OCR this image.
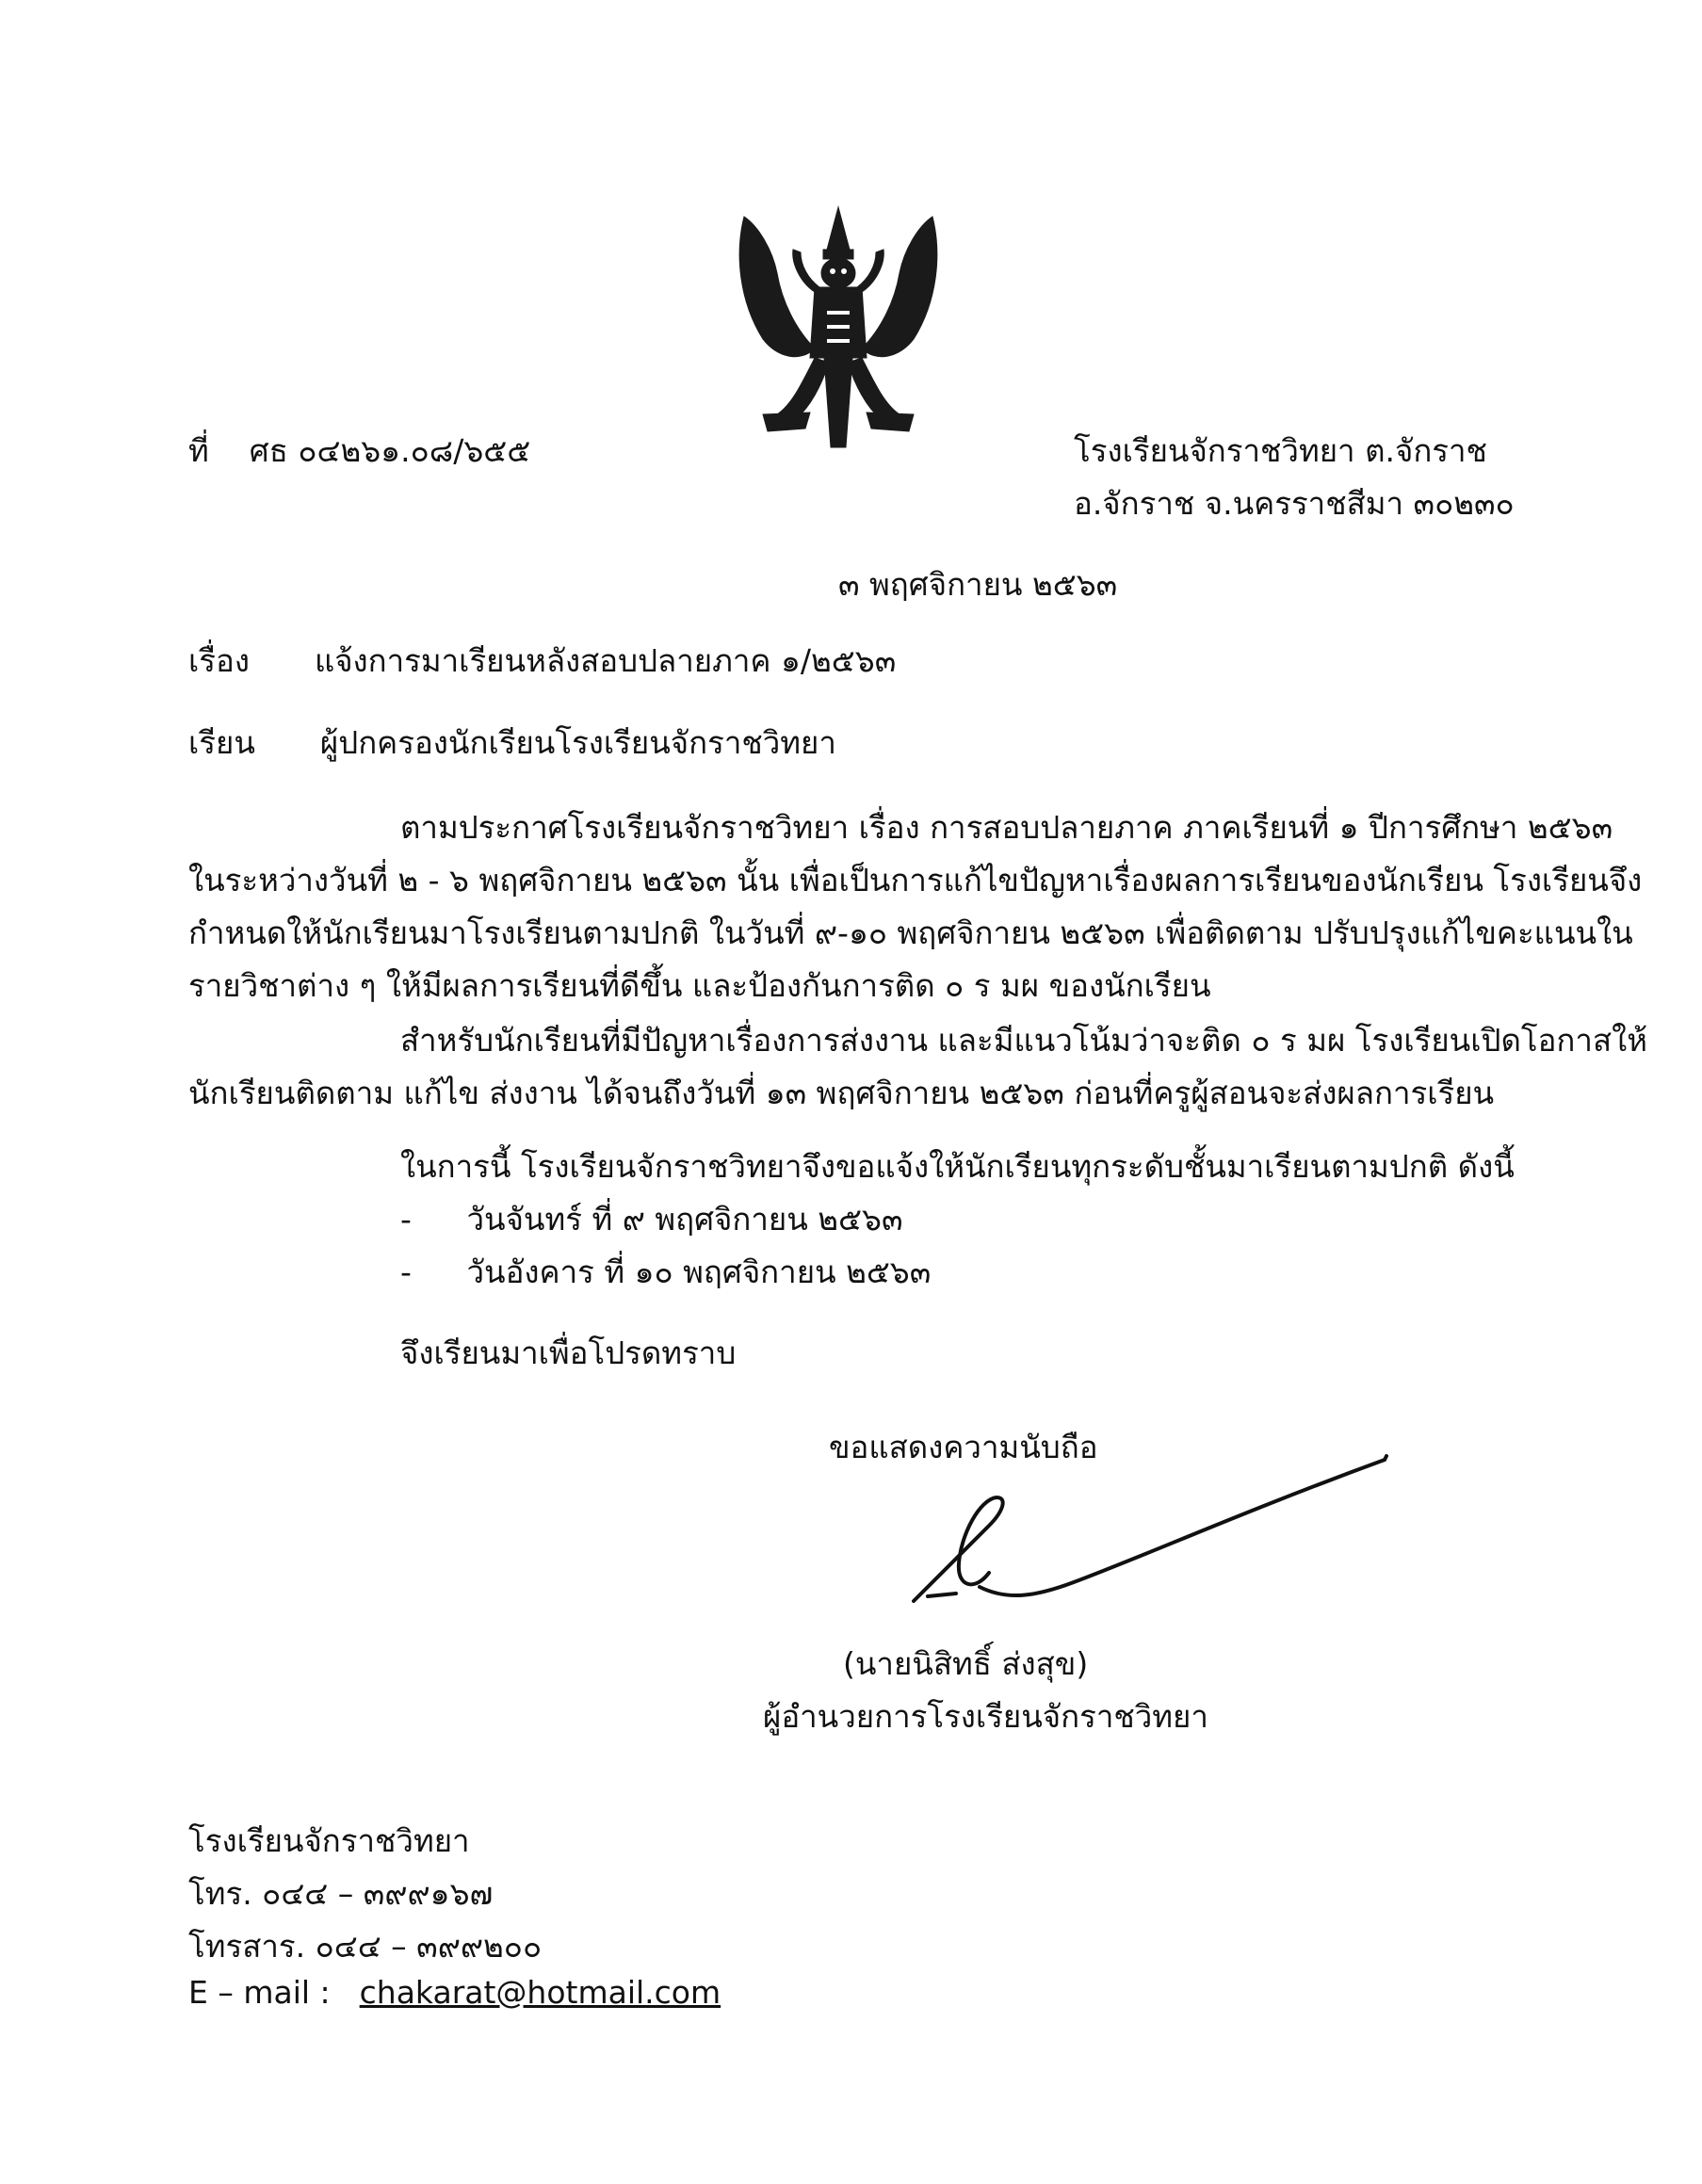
ที่ ศธ ๐๔๒๖๑.๐๘/๖๕๕	โรงเรียนจักราชวิทยา ต.จักราช
อ.จักราช จ.นครราชสีมา ๓๐๒๓๐
๓ พฤศจิกายน ๒๕๖๓
เรื่อง แจ้งการมาเรียนหลังสอบปลายภาค ๑/๒๕๖๓
เรียน ผู้ปกครองนักเรียนโรงเรียนจักราชวิทยา
ตามประกาศโรงเรียนจักราชวิทยา เรื่อง การสอบปลายภาค ภาคเรียนที่ ๑ ปีการศึกษา ๒๕๖๓
ในระหว่างวันที่ ๒ - ๖ พฤศจิกายน ๒๕๖๓ นั้น เพื่อเป็นการแก้ไขปัญหาเรื่องผลการเรียนของนักเรียน โรงเรียนจึง
กำหนดให้นักเรียนมาโรงเรียนตามปกติ ในวันที่ ๙-๑๐ พฤศจิกายน ๒๕๖๓ เพื่อติดตาม ปรับปรุงแก้ไขคะแนนใน
รายวิชาต่าง ๆ ให้มีผลการเรียนที่ดีขึ้น และป้องกันการติด ๐ ร มผ ของนักเรียน
สำหรับนักเรียนที่มีปัญหาเรื่องการส่งงาน และมีแนวโน้มว่าจะติด ๐ ร มผ โรงเรียนเปิดโอกาสให้
นักเรียนติดตาม แก้ไข ส่งงาน ได้จนถึงวันที่ ๑๓ พฤศจิกายน ๒๕๖๓ ก่อนที่ครูผู้สอนจะส่งผลการเรียน
ในการนี้ โรงเรียนจักราชวิทยาจึงขอแจ้งให้นักเรียนทุกระดับชั้นมาเรียนตามปกติ ดังนี้
- วันจันทร์ ที่ ๙ พฤศจิกายน ๒๕๖๓
- วันอังคาร ที่ ๑๐ พฤศจิกายน ๒๕๖๓
จึงเรียนมาเพื่อโปรดทราบ
ขอแสดงความนับถือ
(นายนิสิทธิ์ ส่งสุข)
ผู้อำนวยการโรงเรียนจักราชวิทยา
โรงเรียนจักราชวิทยา
โทร. ๐๔๔ – ๓๙๙๑๖๗
โทรสาร. ๐๔๔ – ๓๙๙๒๐๐
E – mail : chakarat@hotmail.com
